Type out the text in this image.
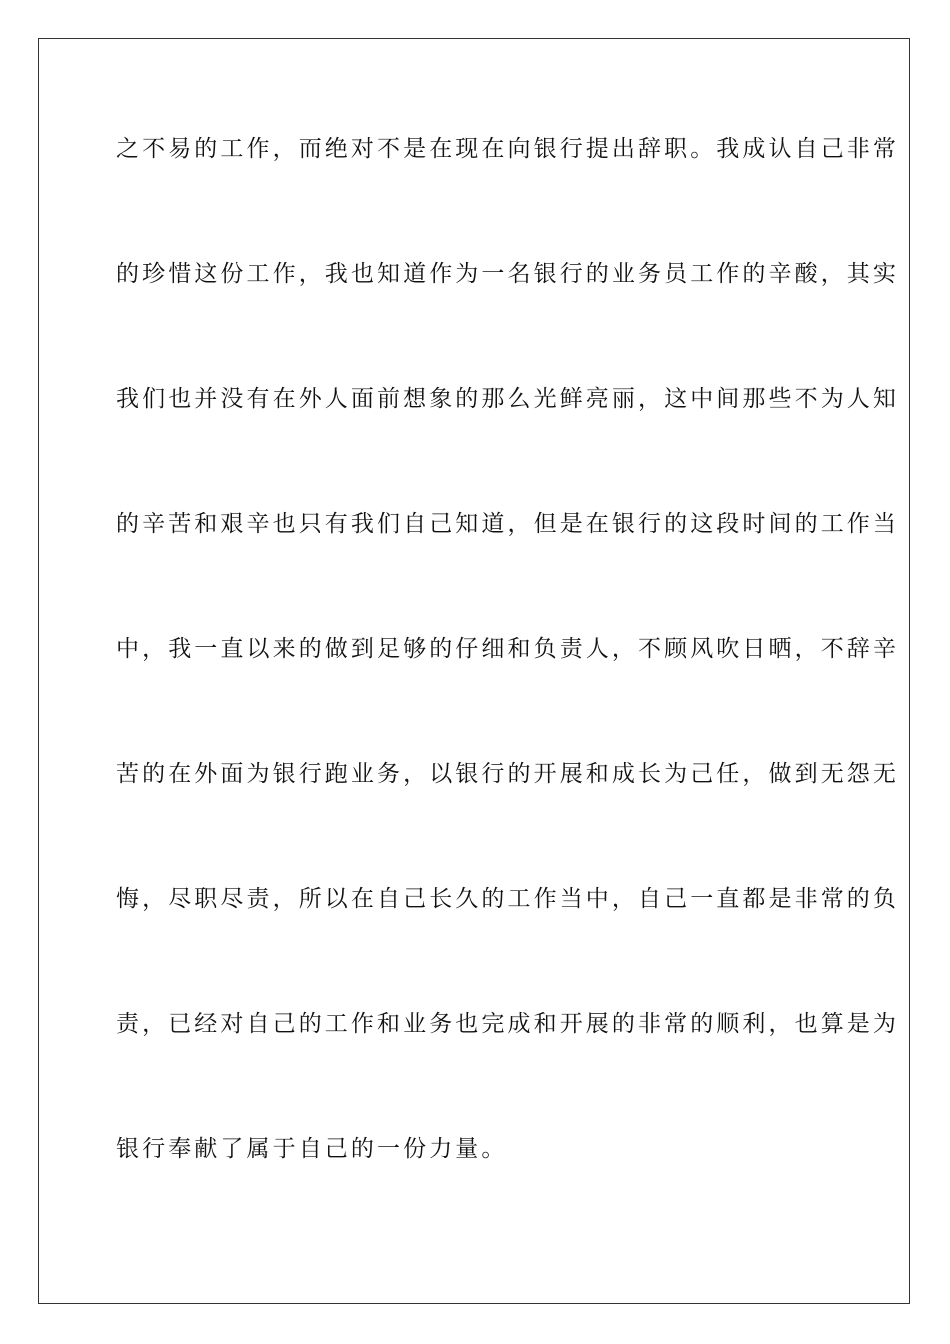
之不易的工作，而绝对不是在现在向银行提出辞职。我成认自己非常
的珍惜这份工作，我也知道作为一名银行的业务员工作的辛酸，其实
我们也并没有在外人面前想象的那么光鲜亮丽，这中间那些不为人知
的辛苦和艰辛也只有我们自己知道，但是在银行的这段时间的工作当
中，我一直以来的做到足够的仔细和负责人，不顾风吹日晒，不辞辛
苦的在外面为银行跑业务，以银行的开展和成长为己任，做到无怨无
悔，尽职尽责，所以在自己长久的工作当中，自己一直都是非常的负
责，已经对自己的工作和业务也完成和开展的非常的顺利，也算是为
银行奉献了属于自己的一份力量。
